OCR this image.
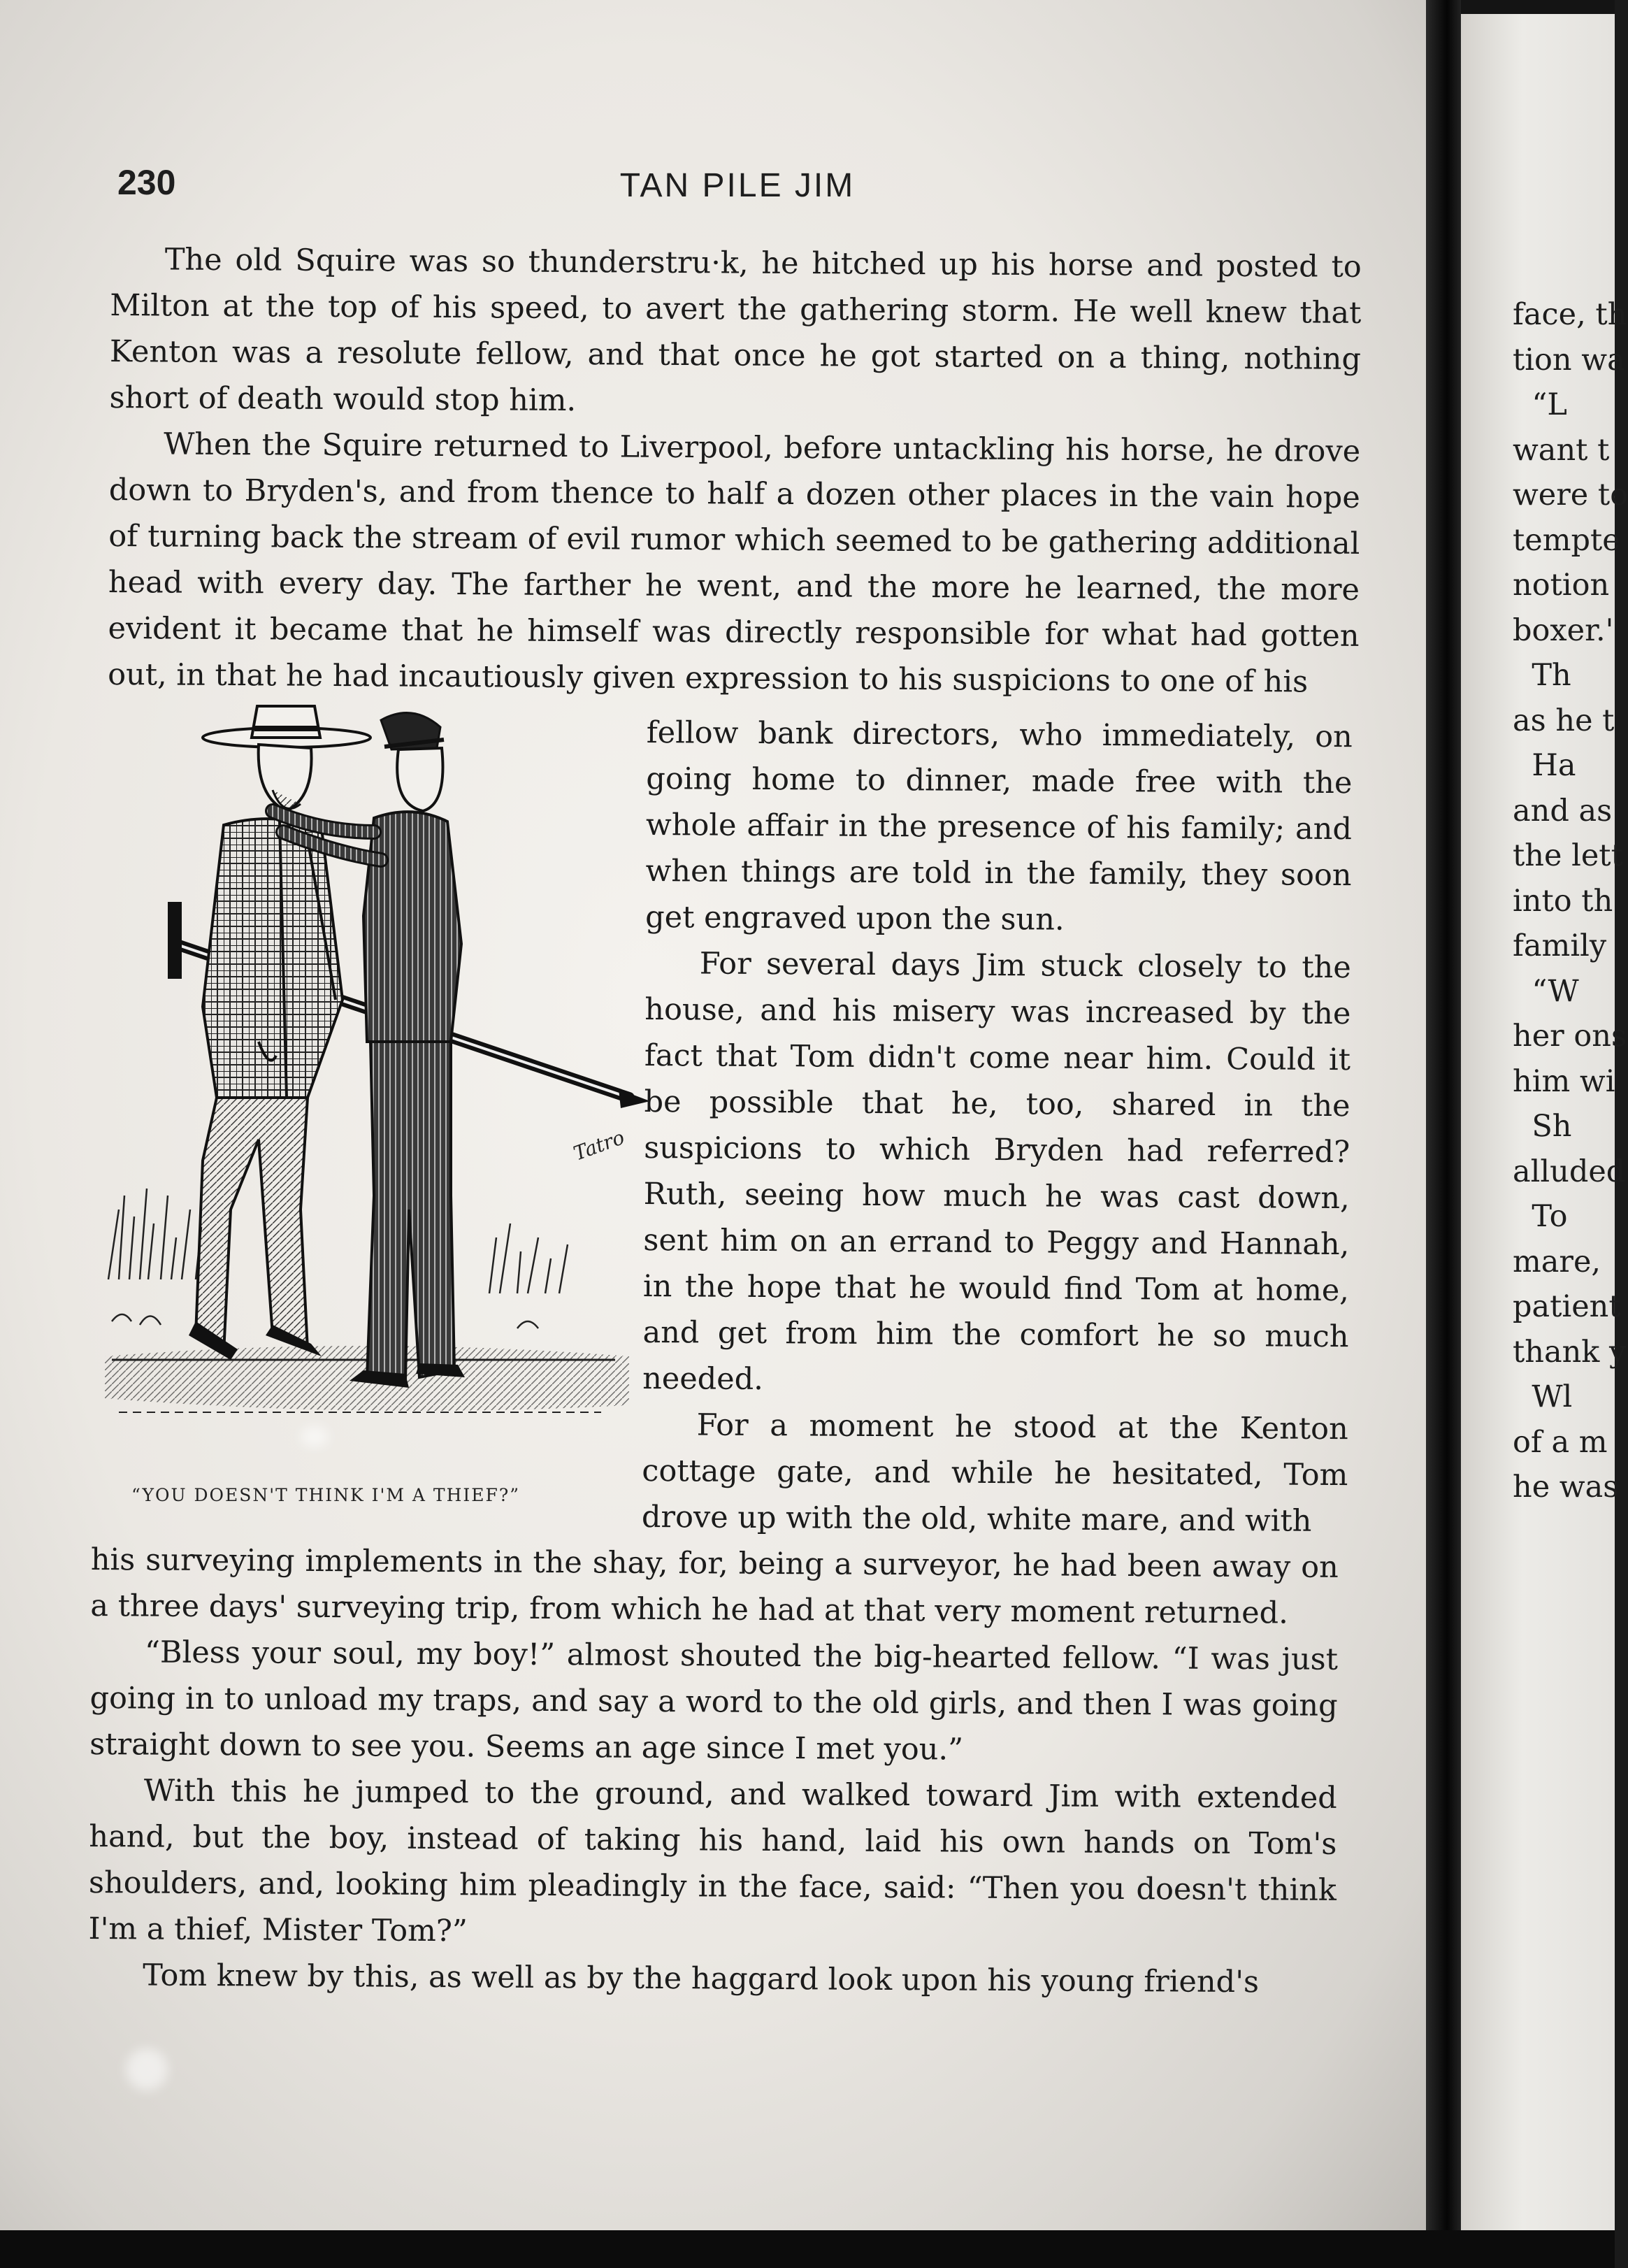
230	TAN PILE JIM

The old Squire was so thunderstru·k, he hitched up his horse and posted to Milton at the top of his speed, to avert the gathering storm. He well knew that Kenton was a resolute fellow, and that once he got started on a thing, nothing short of death would stop him.

When the Squire returned to Liverpool, before untackling his horse, he drove down to Bryden's, and from thence to half a dozen other places in the vain hope of turning back the stream of evil rumor which seemed to be gathering additional head with every day. The farther he went, and the more he learned, the more evident it became that he himself was directly responsible for what had gotten out, in that he had incautiously given expression to his suspicions to one of his

Tatro
“YOU DOESN'T THINK I'M A THIEF?”

fellow bank directors, who immediately, on going home to dinner, made free with the whole affair in the presence of his family; and when things are told in the family, they soon get engraved upon the sun.

For several days Jim stuck closely to the house, and his misery was increased by the fact that Tom didn't come near him. Could it be possible that he, too, shared in the suspicions to which Bryden had referred? Ruth, seeing how much he was cast down, sent him on an errand to Peggy and Hannah, in the hope that he would find Tom at home, and get from him the comfort he so much needed.

For a moment he stood at the Kenton cottage gate, and while he hesitated, Tom drove up with the old, white mare, and with

his surveying implements in the shay, for, being a surveyor, he had been away on a three days' surveying trip, from which he had at that very moment returned.

“Bless your soul, my boy!” almost shouted the big-hearted fellow. “I was just going in to unload my traps, and say a word to the old girls, and then I was going straight down to see you. Seems an age since I met you.”

With this he jumped to the ground, and walked toward Jim with extended hand, but the boy, instead of taking his hand, laid his own hands on Tom's shoulders, and, looking him pleadingly in the face, said: “Then you doesn't think I'm a thief, Mister Tom?”

Tom knew by this, as well as by the haggard look upon his young friend's

face, th
tion wa
“L
want t
were to
tempte
notion
boxer.'
Th
as he t
Ha
and as
the lett
into th
family
“W
her ons
him wi
Sh
alluded
To
mare,
patient
thank y
Wl
of a m
he was
